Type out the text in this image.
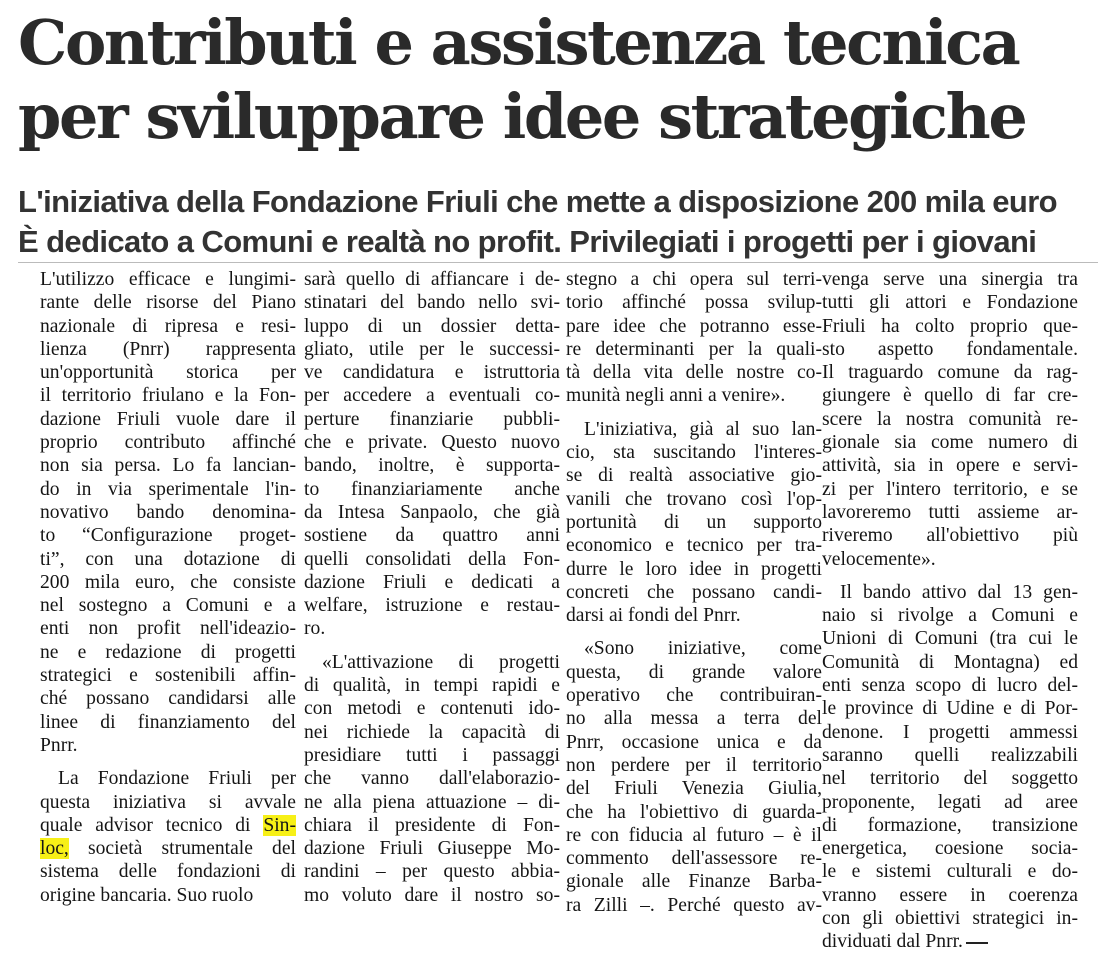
Contributi e assistenza tecnica
per sviluppare idee strategiche
L'iniziativa della Fondazione Friuli che mette a disposizione 200 mila euro
È dedicato a Comuni e realtà no profit. Privilegiati i progetti per i giovani
L'utilizzo efficace e lungimi-
rante delle risorse del Piano
nazionale di ripresa e resi-
lienza (Pnrr) rappresenta
un'opportunità storica per
il territorio friulano e la Fon-
dazione Friuli vuole dare il
proprio contributo affinché
non sia persa. Lo fa lancian-
do in via sperimentale l'in-
novativo bando denomina-
to “Configurazione proget-
ti”, con una dotazione di
200 mila euro, che consiste
nel sostegno a Comuni e a
enti non profit nell'ideazio-
ne e redazione di progetti
strategici e sostenibili affin-
ché possano candidarsi alle
linee di finanziamento del
Pnrr.
La Fondazione Friuli per
questa iniziativa si avvale
quale advisor tecnico di Sin-
loc, società strumentale del
sistema delle fondazioni di
origine bancaria. Suo ruolo
sarà quello di affiancare i de-
stinatari del bando nello svi-
luppo di un dossier detta-
gliato, utile per le successi-
ve candidatura e istruttoria
per accedere a eventuali co-
perture finanziarie pubbli-
che e private. Questo nuovo
bando, inoltre, è supporta-
to finanziariamente anche
da Intesa Sanpaolo, che già
sostiene da quattro anni
quelli consolidati della Fon-
dazione Friuli e dedicati a
welfare, istruzione e restau-
ro.
«L'attivazione di progetti
di qualità, in tempi rapidi e
con metodi e contenuti ido-
nei richiede la capacità di
presidiare tutti i passaggi
che vanno dall'elaborazio-
ne alla piena attuazione – di-
chiara il presidente di Fon-
dazione Friuli Giuseppe Mo-
randini – per questo abbia-
mo voluto dare il nostro so-
stegno a chi opera sul terri-
torio affinché possa svilup-
pare idee che potranno esse-
re determinanti per la quali-
tà della vita delle nostre co-
munità negli anni a venire».
L'iniziativa, già al suo lan-
cio, sta suscitando l'interes-
se di realtà associative gio-
vanili che trovano così l'op-
portunità di un supporto
economico e tecnico per tra-
durre le loro idee in progetti
concreti che possano candi-
darsi ai fondi del Pnrr.
«Sono iniziative, come
questa, di grande valore
operativo che contribuiran-
no alla messa a terra del
Pnrr, occasione unica e da
non perdere per il territorio
del Friuli Venezia Giulia,
che ha l'obiettivo di guarda-
re con fiducia al futuro – è il
commento dell'assessore re-
gionale alle Finanze Barba-
ra Zilli –. Perché questo av-
venga serve una sinergia tra
tutti gli attori e Fondazione
Friuli ha colto proprio que-
sto aspetto fondamentale.
Il traguardo comune da rag-
giungere è quello di far cre-
scere la nostra comunità re-
gionale sia come numero di
attività, sia in opere e servi-
zi per l'intero territorio, e se
lavoreremo tutti assieme ar-
riveremo all'obiettivo più
velocemente».
Il bando attivo dal 13 gen-
naio si rivolge a Comuni e
Unioni di Comuni (tra cui le
Comunità di Montagna) ed
enti senza scopo di lucro del-
le province di Udine e di Por-
denone. I progetti ammessi
saranno quelli realizzabili
nel territorio del soggetto
proponente, legati ad aree
di formazione, transizione
energetica, coesione socia-
le e sistemi culturali e do-
vranno essere in coerenza
con gli obiettivi strategici in-
dividuati dal Pnrr.
